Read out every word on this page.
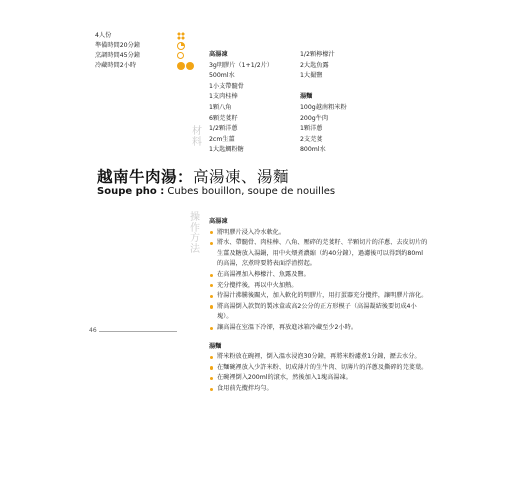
4人份
準備時間20分鐘
烹調時間45分鐘
冷藏時間2小時
高湯凍
3g明膠片（1+1/2片）
500ml水
1小支帶髓骨
1支肉桂棒
1顆八角
6顆芫荽籽
1/2顆洋蔥
2cm生薑
1大匙鯛粉糖
1/2顆檸檬汁
2大匙魚露
1大撮鹽
湯麵
100g越南粗米粉
200g牛肉
1顆洋蔥
2支芫荽
800ml水
材
料
越南牛肉湯：高湯凍、湯麵
Soupe pho : Cubes bouillon, soupe de nouilles
操
作
方
法
高湯凍
將明膠片浸入冷水軟化。
將水、帶髓骨、肉桂棒、八角、壓碎的芫荽籽、半顆切片的洋蔥、去皮切片的生薑及糖放入湯鍋，用中火煨煮濃縮（約40分鐘），過濾後可以得到約80ml的高湯，烹煮時要將表面浮渣撈起。
在高湯裡加入檸檬汁、魚露及鹽。
充分攪拌後，再以中火加熱。
待湯汁沸騰後關火，加入軟化的明膠片，用打蛋器充分攪拌，讓明膠片溶化。
將高湯倒入款賀的製冰盒或高2公分的正方形模子（高湯凝結後要切成4小塊）。
讓高湯在室溫下冷卻，再放進冰箱冷藏至少2小時。
湯麵
將米粉放在碗裡，倒入溫水浸泡30分鐘，再將米粉濾煮1分鐘，瀝去水分。
在麵碗裡放入少許米粉、切成薄片的生牛肉、切薄片的洋蔥及撕碎的芫荽葉。
在碗裡倒入200ml的滾水，然後加入1塊高湯凍。
食用前先攪拌均勻。
46
